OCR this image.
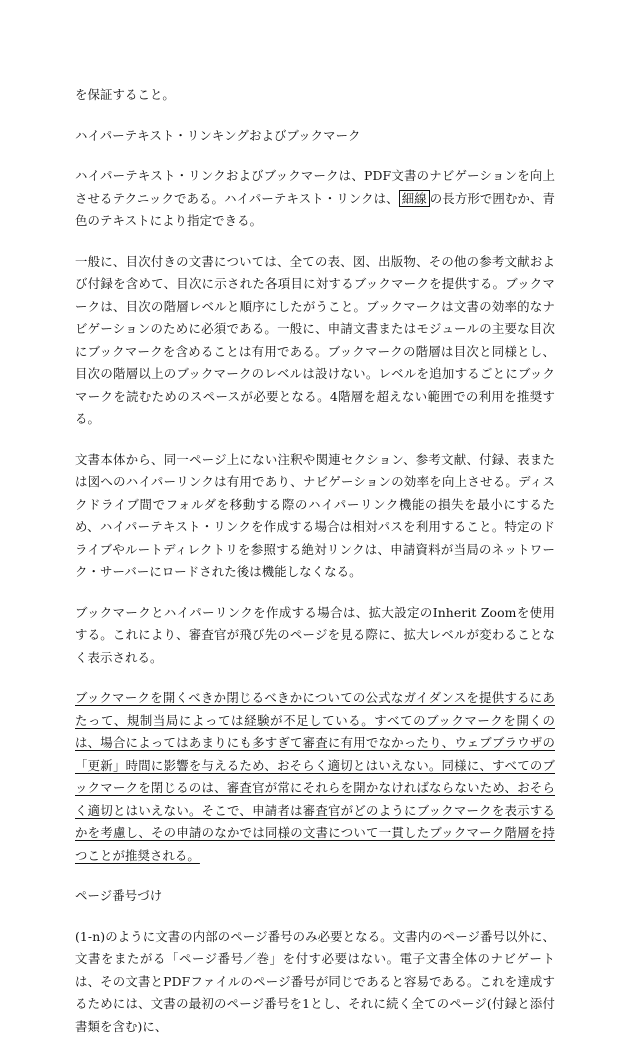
を保証すること。

ハイパーテキスト・リンキングおよびブックマーク

ハイパーテキスト・リンクおよびブックマークは、PDF文書のナビゲーションを向上させるテクニックである。ハイパーテキスト・リンクは、 細線 の長方形で囲むか、青色のテキストにより指定できる。

一般に、目次付きの文書については、全ての表、図、出版物、その他の参考文献および付録を含めて、目次に示された各項目に対するブックマークを提供する。ブックマークは、目次の階層レベルと順序にしたがうこと。ブックマークは文書の効率的なナビゲーションのために必須である。一般に、申請文書またはモジュールの主要な目次にブックマークを含めることは有用である。ブックマークの階層は目次と同様とし、目次の階層以上のブックマークのレベルは設けない。レベルを追加するごとにブックマークを読むためのスペースが必要となる。4階層を超えない範囲での利用を推奨する。

文書本体から、同一ページ上にない注釈や関連セクション、参考文献、付録、表または図へのハイパーリンクは有用であり、ナビゲーションの効率を向上させる。ディスクドライブ間でフォルダを移動する際のハイパーリンク機能の損失を最小にするため、ハイパーテキスト・リンクを作成する場合は相対パスを利用すること。特定のドライブやルートディレクトリを参照する絶対リンクは、申請資料が当局のネットワーク・サーバーにロードされた後は機能しなくなる。

ブックマークとハイパーリンクを作成する場合は、拡大設定のInherit Zoomを使用する。これにより、審査官が飛び先のページを見る際に、拡大レベルが変わることなく表示される。

ブックマークを開くべきか閉じるべきかについての公式なガイダンスを提供するにあたって、規制当局によっては経験が不足している。すべてのブックマークを開くのは、場合によってはあまりにも多すぎて審査に有用でなかったり、ウェブブラウザの「更新」時間に影響を与えるため、おそらく適切とはいえない。同様に、すべてのブックマークを閉じるのは、審査官が常にそれらを開かなければならないため、おそらく適切とはいえない。そこで、申請者は審査官がどのようにブックマークを表示するかを考慮し、その申請のなかでは同様の文書について一貫したブックマーク階層を持つことが推奨される。

ページ番号づけ

(1-n)のように文書の内部のページ番号のみ必要となる。文書内のページ番号以外に、文書をまたがる「ページ番号／巻」を付す必要はない。電子文書全体のナビゲートは、その文書とPDFファイルのページ番号が同じであると容易である。これを達成するためには、文書の最初のページ番号を1とし、それに続く全てのページ(付録と添付書類を含む)に、
